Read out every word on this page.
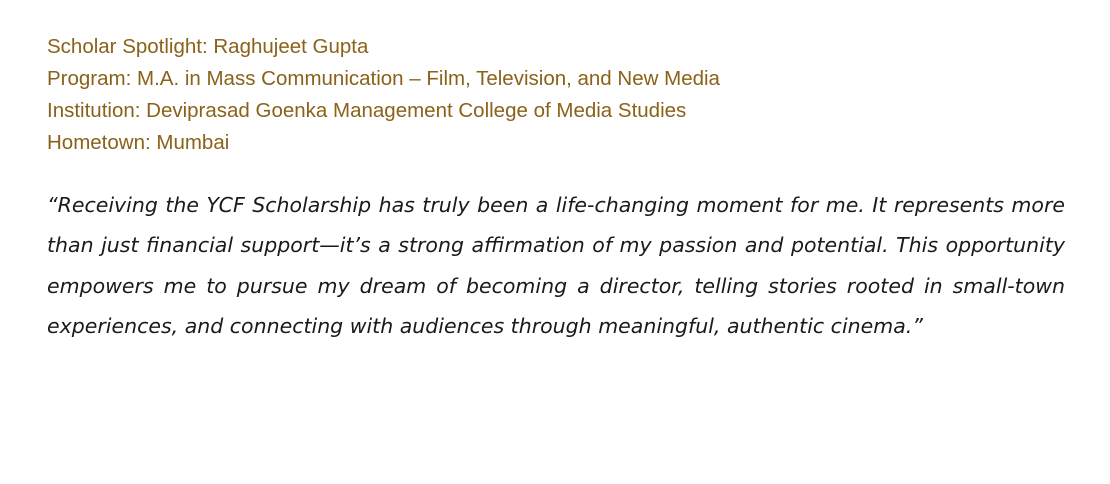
Scholar Spotlight: Raghujeet Gupta

Program: M.A. in Mass Communication – Film, Television, and New Media

Institution: Deviprasad Goenka Management College of Media Studies

Hometown: Mumbai

“Receiving the YCF Scholarship has truly been a life-changing moment for me. It represents more than just financial support—it’s a strong affirmation of my passion and potential. This opportunity empowers me to pursue my dream of becoming a director, telling stories rooted in small-town experiences, and connecting with audiences through meaningful, authentic cinema.”
